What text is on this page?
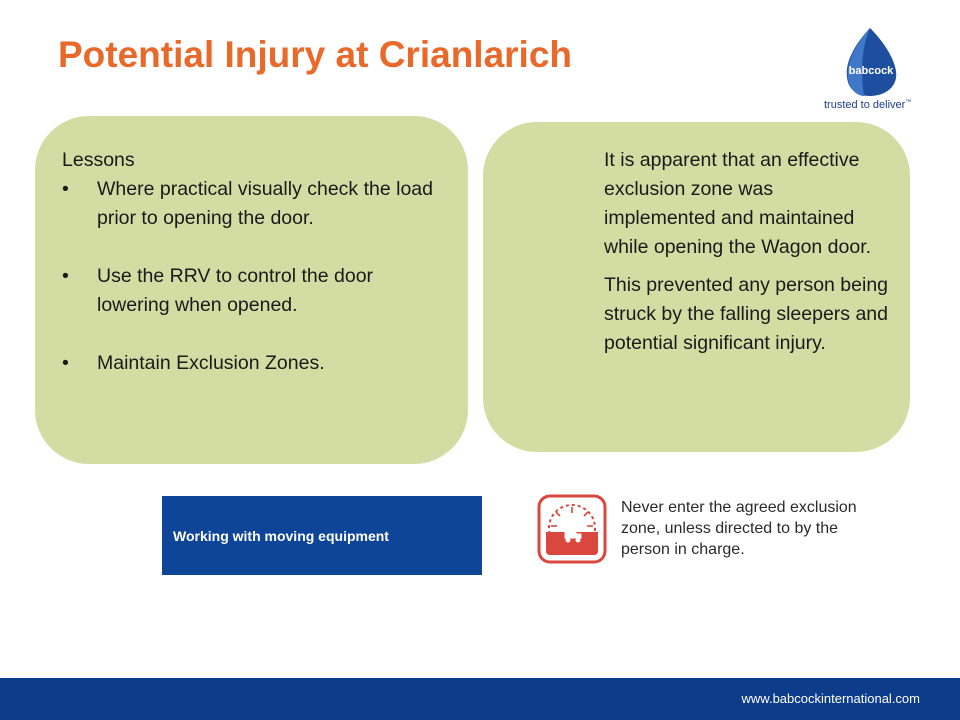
Potential Injury at Crianlarich	babcock
trusted to deliver™

Lessons

• Where practical visually check the load prior to opening the door.
• Use the RRV to control the door lowering when opened.
• Maintain Exclusion Zones.

It is apparent that an effective exclusion zone was implemented and maintained while opening the Wagon door.

This prevented any person being struck by the falling sleepers and potential significant injury.

Working with moving equipment

Never enter the agreed exclusion zone, unless directed to by the person in charge.

www.babcockinternational.com
